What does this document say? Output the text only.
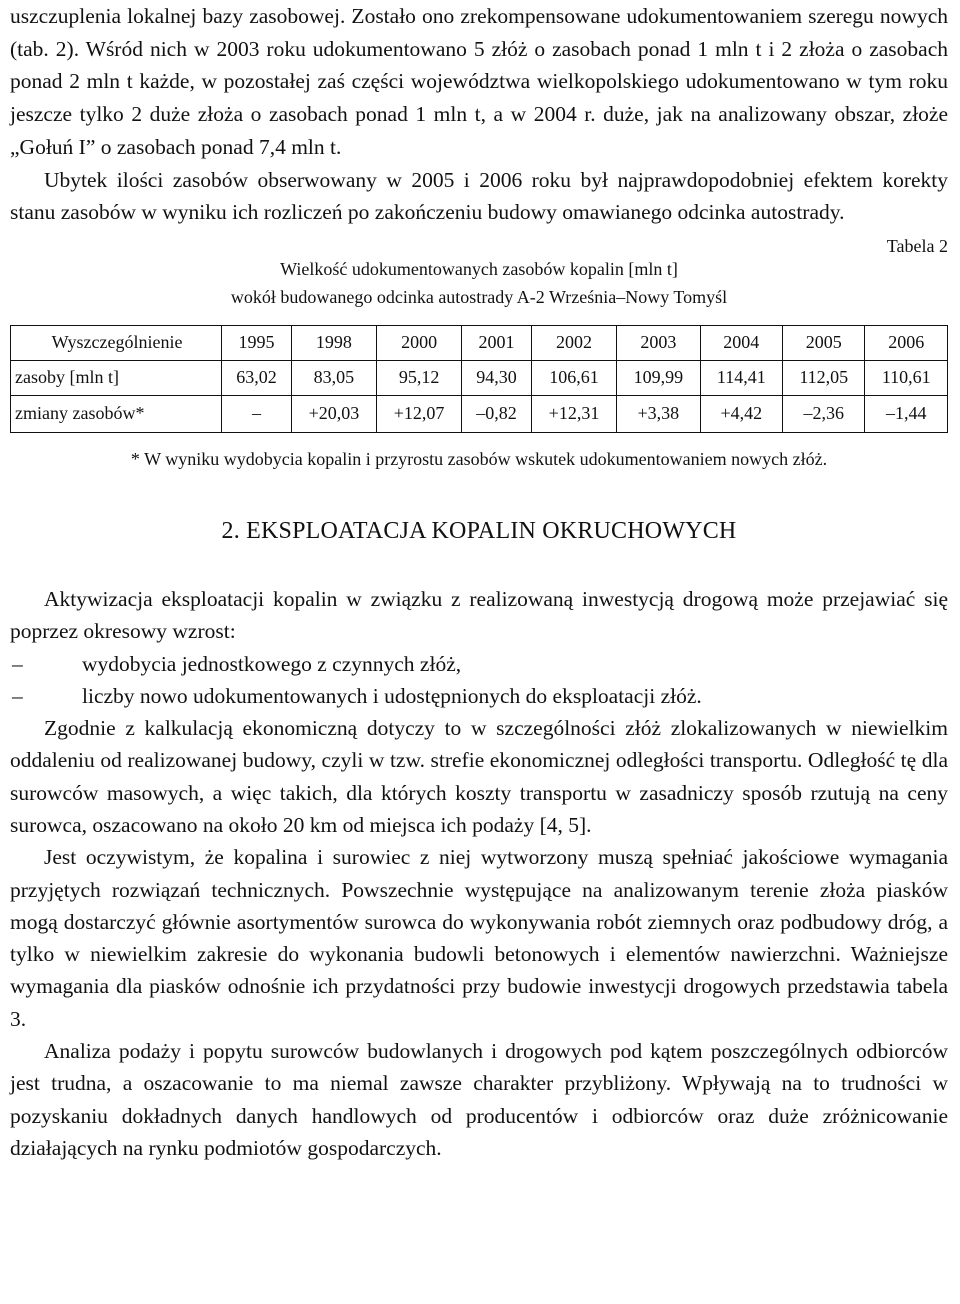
uszczuplenia lokalnej bazy zasobowej. Zostało ono zrekompensowane udokumentowaniem szeregu nowych (tab. 2). Wśród nich w 2003 roku udokumentowano 5 złóż o zasobach ponad 1 mln t i 2 złoża o zasobach ponad 2 mln t każde, w pozostałej zaś części województwa wielkopolskiego udokumentowano w tym roku jeszcze tylko 2 duże złoża o zasobach ponad 1 mln t, a w 2004 r. duże, jak na analizowany obszar, złoże „Gołuń I” o zasobach ponad 7,4 mln t.

Ubytek ilości zasobów obserwowany w 2005 i 2006 roku był najprawdopodobniej efektem korekty stanu zasobów w wyniku ich rozliczeń po zakończeniu budowy omawianego odcinka autostrady.

Tabela 2
Wielkość udokumentowanych zasobów kopalin [mln t]
wokół budowanego odcinka autostrady A-2 Września–Nowy Tomyśl
Wyszczególnienie	1995	1998	2000	2001	2002	2003	2004	2005	2006
zasoby [mln t]	63,02	83,05	95,12	94,30	106,61	109,99	114,41	112,05	110,61
zmiany zasobów*	–	+20,03	+12,07	–0,82	+12,31	+3,38	+4,42	–2,36	–1,44
* W wyniku wydobycia kopalin i przyrostu zasobów wskutek udokumentowaniem nowych złóż.
2. EKSPLOATACJA KOPALIN OKRUCHOWYCH

Aktywizacja eksploatacji kopalin w związku z realizowaną inwestycją drogową może przejawiać się poprzez okresowy wzrost:

–	wydobycia jednostkowego z czynnych złóż,
–	liczby nowo udokumentowanych i udostępnionych do eksploatacji złóż.

Zgodnie z kalkulacją ekonomiczną dotyczy to w szczególności złóż zlokalizowanych w niewielkim oddaleniu od realizowanej budowy, czyli w tzw. strefie ekonomicznej odległości transportu. Odległość tę dla surowców masowych, a więc takich, dla których koszty transportu w zasadniczy sposób rzutują na ceny surowca, oszacowano na około 20 km od miejsca ich podaży [4, 5].

Jest oczywistym, że kopalina i surowiec z niej wytworzony muszą spełniać jakościowe wymagania przyjętych rozwiązań technicznych. Powszechnie występujące na analizowanym terenie złoża piasków mogą dostarczyć głównie asortymentów surowca do wykonywania robót ziemnych oraz podbudowy dróg, a tylko w niewielkim zakresie do wykonania budowli betonowych i elementów nawierzchni. Ważniejsze wymagania dla piasków odnośnie ich przydatności przy budowie inwestycji drogowych przedstawia tabela 3.

Analiza podaży i popytu surowców budowlanych i drogowych pod kątem poszczególnych odbiorców jest trudna, a oszacowanie to ma niemal zawsze charakter przybliżony. Wpływają na to trudności w pozyskaniu dokładnych danych handlowych od producentów i odbiorców oraz duże zróżnicowanie działających na rynku podmiotów gospodarczych.
